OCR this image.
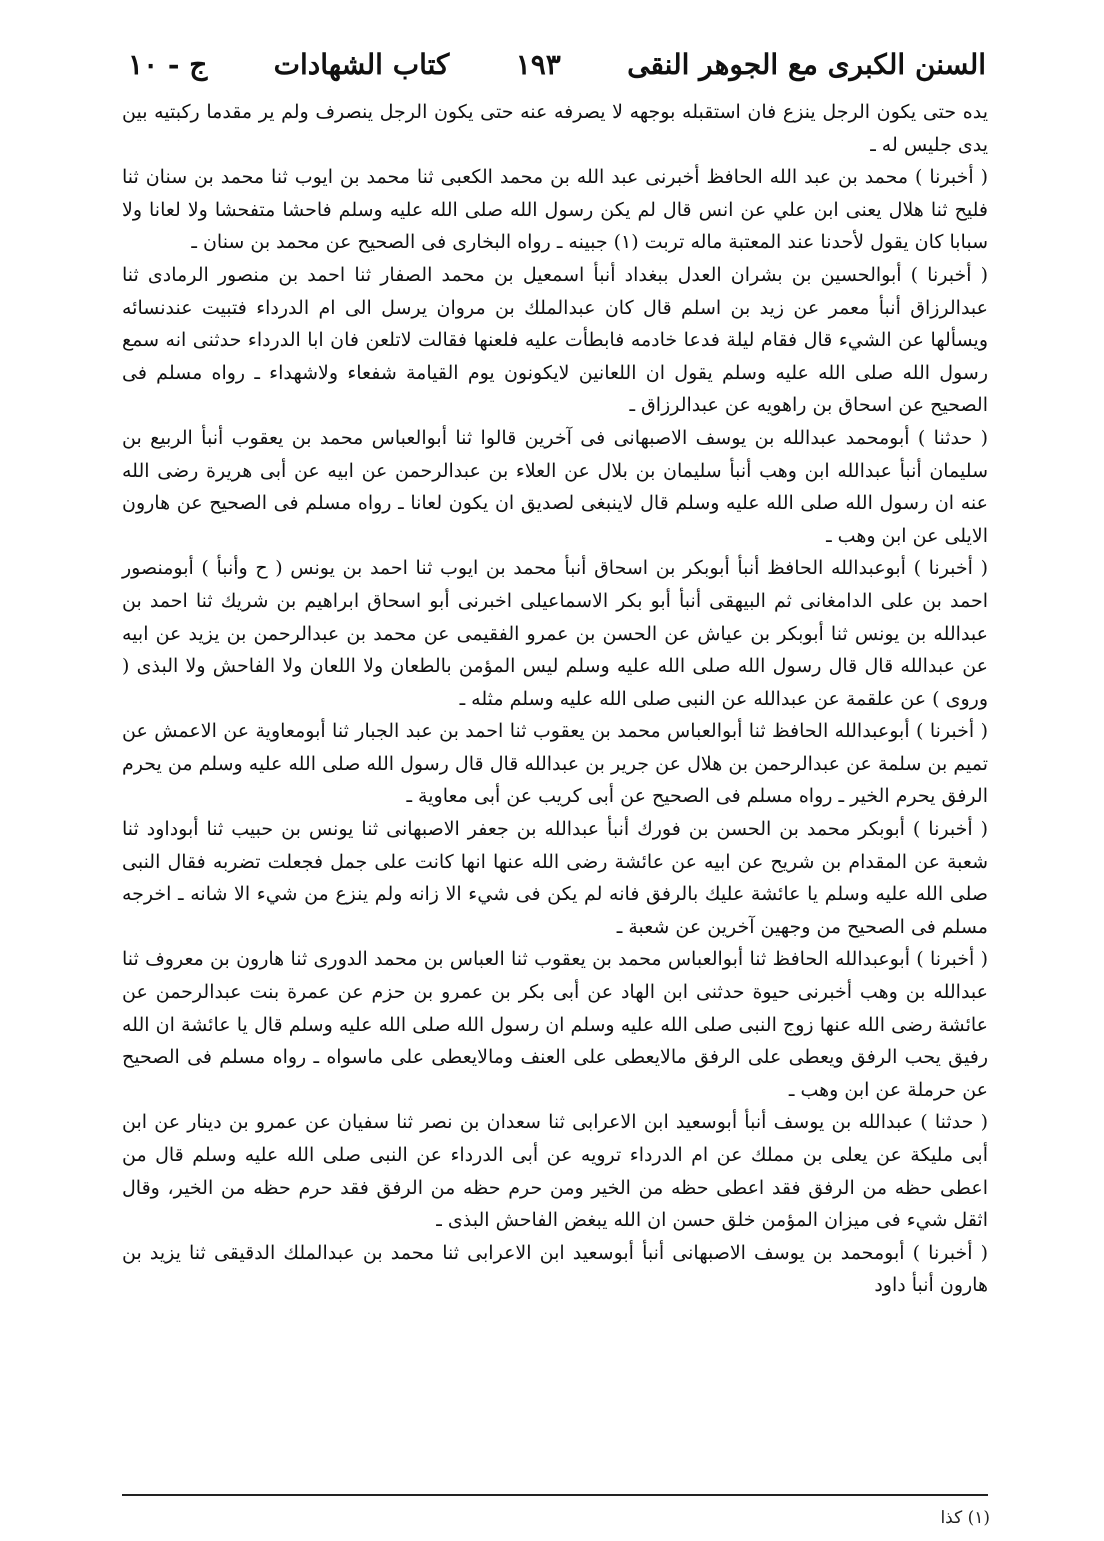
السنن الكبرى مع الجوهر النقى
١٩٣
كتاب الشهادات
ج - ١٠

يده حتى يكون الرجل ينزع فان استقبله بوجهه لا يصرفه عنه حتى يكون الرجل ينصرف ولم ير مقدما ركبتيه بين يدى جليس له ـ

( أخبرنا ) محمد بن عبد الله الحافظ أخبرنى عبد الله بن محمد الكعبى ثنا محمد بن ايوب ثنا محمد بن سنان ثنا فليح ثنا هلال يعنى ابن علي عن انس قال لم يكن رسول الله صلى الله عليه وسلم فاحشا متفحشا ولا لعانا ولا سبابا كان يقول لأحدنا عند المعتبة ماله تربت (١) جبينه ـ رواه البخارى فى الصحيح عن محمد بن سنان ـ

( أخبرنا ) أبوالحسين بن بشران العدل ببغداد أنبأ اسمعيل بن محمد الصفار ثنا احمد بن منصور الرمادى ثنا عبدالرزاق أنبأ معمر عن زيد بن اسلم قال كان عبدالملك بن مروان يرسل الى ام الدرداء فتبيت عندنسائه ويسألها عن الشيء قال فقام ليلة فدعا خادمه فابطأت عليه فلعنها فقالت لاتلعن فان ابا الدرداء حدثنى انه سمع رسول الله صلى الله عليه وسلم يقول ان اللعانين لايكونون يوم القيامة شفعاء ولاشهداء ـ رواه مسلم فى الصحيح عن اسحاق بن راهويه عن عبدالرزاق ـ

( حدثنا ) أبومحمد عبدالله بن يوسف الاصبهانى فى آخرين قالوا ثنا أبوالعباس محمد بن يعقوب أنبأ الربيع بن سليمان أنبأ عبدالله ابن وهب أنبأ سليمان بن بلال عن العلاء بن عبدالرحمن عن ابيه عن أبى هريرة رضى الله عنه ان رسول الله صلى الله عليه وسلم قال لاينبغى لصديق ان يكون لعانا ـ رواه مسلم فى الصحيح عن هارون الايلى عن ابن وهب ـ

( أخبرنا ) أبوعبدالله الحافظ أنبأ أبوبكر بن اسحاق أنبأ محمد بن ايوب ثنا احمد بن يونس ( ح وأنبأ ) أبومنصور احمد بن على الدامغانى ثم البيهقى أنبأ أبو بكر الاسماعيلى اخبرنى أبو اسحاق ابراهيم بن شريك ثنا احمد بن عبدالله بن يونس ثنا أبوبكر بن عياش عن الحسن بن عمرو الفقيمى عن محمد بن عبدالرحمن بن يزيد عن ابيه عن عبدالله قال قال رسول الله صلى الله عليه وسلم ليس المؤمن بالطعان ولا اللعان ولا الفاحش ولا البذى ( وروى ) عن علقمة عن عبدالله عن النبى صلى الله عليه وسلم مثله ـ

( أخبرنا ) أبوعبدالله الحافظ ثنا أبوالعباس محمد بن يعقوب ثنا احمد بن عبد الجبار ثنا أبومعاوية عن الاعمش عن تميم بن سلمة عن عبدالرحمن بن هلال عن جرير بن عبدالله قال قال رسول الله صلى الله عليه وسلم من يحرم الرفق يحرم الخير ـ رواه مسلم فى الصحيح عن أبى كريب عن أبى معاوية ـ

( أخبرنا ) أبوبكر محمد بن الحسن بن فورك أنبأ عبدالله بن جعفر الاصبهانى ثنا يونس بن حبيب ثنا أبوداود ثنا شعبة عن المقدام بن شريح عن ابيه عن عائشة رضى الله عنها انها كانت على جمل فجعلت تضربه فقال النبى صلى الله عليه وسلم يا عائشة عليك بالرفق فانه لم يكن فى شيء الا زانه ولم ينزع من شيء الا شانه ـ اخرجه مسلم فى الصحيح من وجهين آخرين عن شعبة ـ

( أخبرنا ) أبوعبدالله الحافظ ثنا أبوالعباس محمد بن يعقوب ثنا العباس بن محمد الدورى ثنا هارون بن معروف ثنا عبدالله بن وهب أخبرنى حيوة حدثنى ابن الهاد عن أبى بكر بن عمرو بن حزم عن عمرة بنت عبدالرحمن عن عائشة رضى الله عنها زوج النبى صلى الله عليه وسلم ان رسول الله صلى الله عليه وسلم قال يا عائشة ان الله رفيق يحب الرفق ويعطى على الرفق مالايعطى على العنف ومالايعطى على ماسواه ـ رواه مسلم فى الصحيح عن حرملة عن ابن وهب ـ

( حدثنا ) عبدالله بن يوسف أنبأ أبوسعيد ابن الاعرابى ثنا سعدان بن نصر ثنا سفيان عن عمرو بن دينار عن ابن أبى مليكة عن يعلى بن مملك عن ام الدرداء ترويه عن أبى الدرداء عن النبى صلى الله عليه وسلم قال من اعطى حظه من الرفق فقد اعطى حظه من الخير ومن حرم حظه من الرفق فقد حرم حظه من الخير، وقال اثقل شيء فى ميزان المؤمن خلق حسن ان الله يبغض الفاحش البذى ـ

( أخبرنا ) أبومحمد بن يوسف الاصبهانى أنبأ أبوسعيد ابن الاعرابى ثنا محمد بن عبدالملك الدقيقى ثنا يزيد بن هارون أنبأ داود

(١) كذا
